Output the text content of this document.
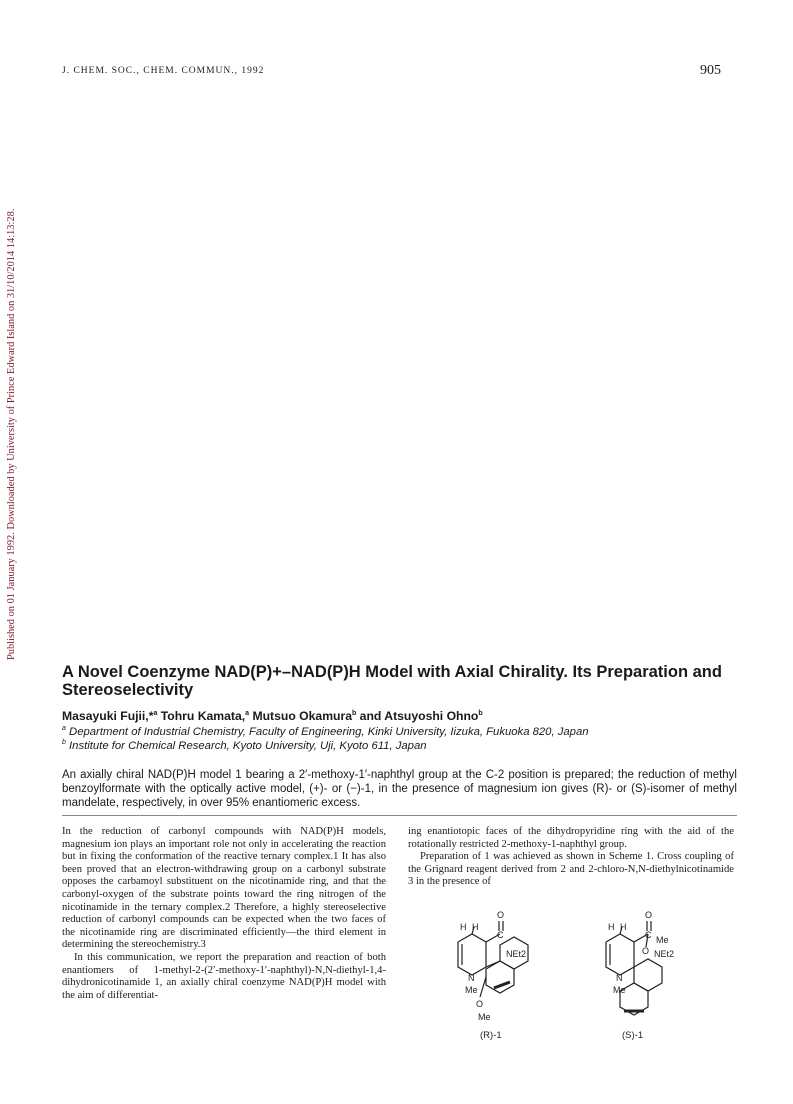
J. CHEM. SOC., CHEM. COMMUN., 1992	905
Published on 01 January 1992. Downloaded by University of Prince Edward Island on 31/10/2014 14:13:28.
A Novel Coenzyme NAD(P)+–NAD(P)H Model with Axial Chirality. Its Preparation and Stereoselectivity
Masayuki Fujii,*$^a$ Tohru Kamata,$^a$ Mutsuo Okamura$^b$ and Atsuyoshi Ohno$^b$
$^a$ Department of Industrial Chemistry, Faculty of Engineering, Kinki University, Iizuka, Fukuoka 820, Japan
$^b$ Institute for Chemical Research, Kyoto University, Uji, Kyoto 611, Japan
An axially chiral NAD(P)H model 1 bearing a 2′-methoxy-1′-naphthyl group at the C-2 position is prepared; the reduction of methyl benzoylformate with the optically active model, (+)- or (−)-1, in the presence of magnesium ion gives (R)- or (S)-isomer of methyl mandelate, respectively, in over 95% enantiomeric excess.

In the reduction of carbonyl compounds with NAD(P)H models, magnesium ion plays an important role not only in accelerating the reaction but in fixing the conformation of the reactive ternary complex.1 It has also been proved that an electron-withdrawing group on a carbonyl substrate opposes the carbamoyl substituent on the nicotinamide ring, and that the carbonyl-oxygen of the substrate points toward the ring nitrogen of the nicotinamide in the ternary complex.2 Therefore, a highly stereoselective reduction of carbonyl compounds can be expected when the two faces of the nicotinamide ring are discriminated efficiently—the third element in determining the stereochemistry.3

In this communication, we report the preparation and reaction of both enantiomers of 1-methyl-2-(2′-methoxy-1′-naphthyl)-N,N-diethyl-1,4-dihydronicotinamide 1, an axially chiral coenzyme NAD(P)H model with the aim of differentiat-

ing enantiotopic faces of the dihydropyridine ring with the aid of the rotationally restricted 2-methoxy-1-naphthyl group.

Preparation of 1 was achieved as shown in Scheme 1. Cross coupling of the Grignard reagent derived from 2 and 2-chloro-N,N-diethylnicotinamide 3 in the presence of

H H
O
C
NEt2
N
Me
O
Me
(R)-1
H H
O
C Me
O NEt2
N
Me
(S)-1
